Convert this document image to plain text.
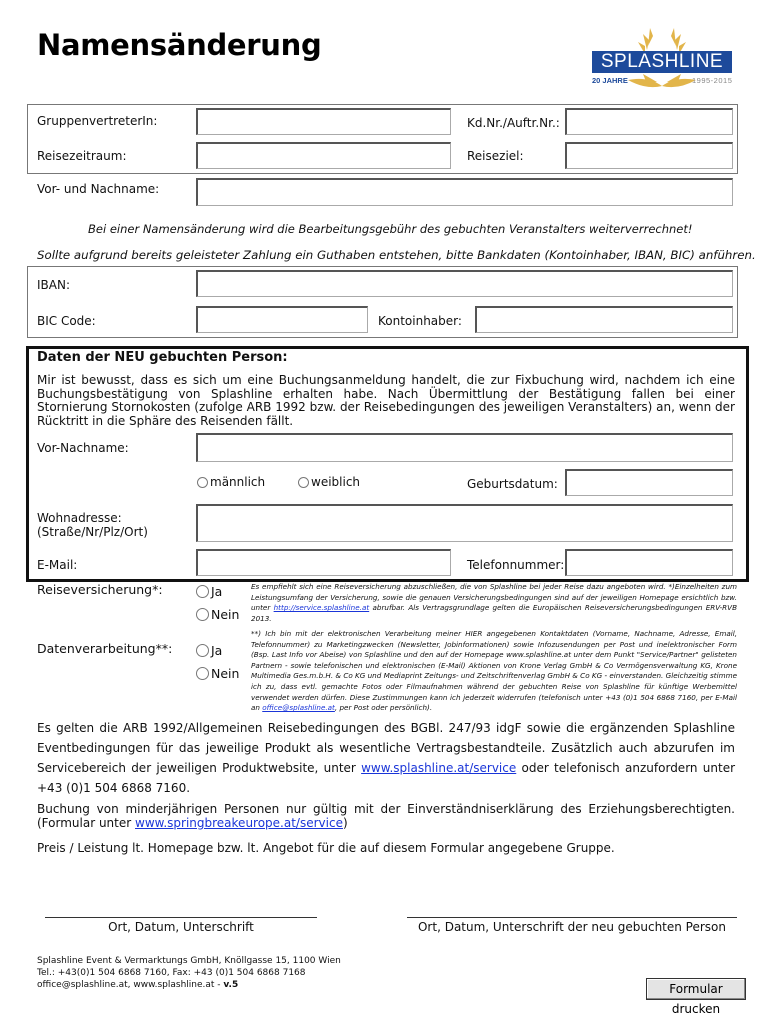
Namensänderung	SPLASHLINE
20 JAHRE	1995-2015
GruppenvertreterIn:	Kd.Nr./Auftr.Nr.:
Reisezeitraum:	Reiseziel:
Vor- und Nachname:
Bei einer Namensänderung wird die Bearbeitungsgebühr des gebuchten Veranstalters weiterverrechnet!
Sollte aufgrund bereits geleisteter Zahlung ein Guthaben entstehen, bitte Bankdaten (Kontoinhaber, IBAN, BIC) anführen.
IBAN:
BIC Code:	Kontoinhaber:
Daten der NEU gebuchten Person:
Mir ist bewusst, dass es sich um eine Buchungsanmeldung handelt, die zur Fixbuchung wird, nachdem ich eine Buchungsbestätigung von Splashline erhalten habe. Nach Übermittlung der Bestätigung fallen bei einer Stornierung Stornokosten (zufolge ARB 1992 bzw. der Reisebedingungen des jeweiligen Veranstalters) an, wenn der Rücktritt in die Sphäre des Reisenden fällt.
Vor-Nachname:
männlich	weiblich	Geburtsdatum:
Wohnadresse:
(Straße/Nr/Plz/Ort)
E-Mail:	Telefonnummer:
Reiseversicherung*:	Ja
Nein
Es empfiehlt sich eine Reiseversicherung abzuschließen, die von Splashline bei jeder Reise dazu angeboten wird. *)Einzelheiten zum Leistungsumfang der Versicherung, sowie die genauen Versicherungsbedingungen sind auf der jeweiligen Homepage ersichtlich bzw. unter http://service.splashline.at abrufbar. Als Vertragsgrundlage gelten die Europäischen Reiseversicherungsbedingungen ERV-RVB 2013.
Datenverarbeitung**:	Ja
Nein
**) Ich bin mit der elektronischen Verarbeitung meiner HIER angegebenen Kontaktdaten (Vorname, Nachname, Adresse, Email, Telefonnummer) zu Marketingzwecken (Newsletter, Jobinformationen) sowie Infozusendungen per Post und inelektronischer Form (Bsp. Last Info vor Abeise) von Splashline und den auf der Homepage www.splashline.at unter dem Punkt "Service/Partner" gelisteten Partnern - sowie telefonischen und elektronischen (E-Mail) Aktionen von Krone Verlag GmbH & Co Vermögensverwaltung KG, Krone Multimedia Ges.m.b.H. & Co KG und Mediaprint Zeitungs- und Zeitschriftenverlag GmbH & Co KG - einverstanden. Gleichzeitig stimme ich zu, dass evtl. gemachte Fotos oder Filmaufnahmen während der gebuchten Reise von Splashline für künftige Werbemittel verwendet werden dürfen. Diese Zustimmungen kann ich jederzeit widerrufen (telefonisch unter +43 (0)1 504 6868 7160, per E-Mail an office@splashline.at, per Post oder persönlich).
Es gelten die ARB 1992/Allgemeinen Reisebedingungen des BGBl. 247/93 idgF sowie die ergänzenden Splashline Eventbedingungen für das jeweilige Produkt als wesentliche Vertragsbestandteile. Zusätzlich auch abzurufen im Servicebereich der jeweiligen Produktwebsite, unter www.splashline.at/service oder telefonisch anzufordern unter +43 (0)1 504 6868 7160.
Buchung von minderjährigen Personen nur gültig mit der Einverständniserklärung des Erziehungsberechtigten. (Formular unter www.springbreakeurope.at/service)
Preis / Leistung lt. Homepage bzw. lt. Angebot für die auf diesem Formular angegebene Gruppe.
Ort, Datum, Unterschrift	Ort, Datum, Unterschrift der neu gebuchten Person
Splashline Event & Vermarktungs GmbH, Knöllgasse 15, 1100 Wien
Tel.: +43(0)1 504 6868 7160, Fax: +43 (0)1 504 6868 7168
office@splashline.at, www.splashline.at - v.5	Formular drucken
